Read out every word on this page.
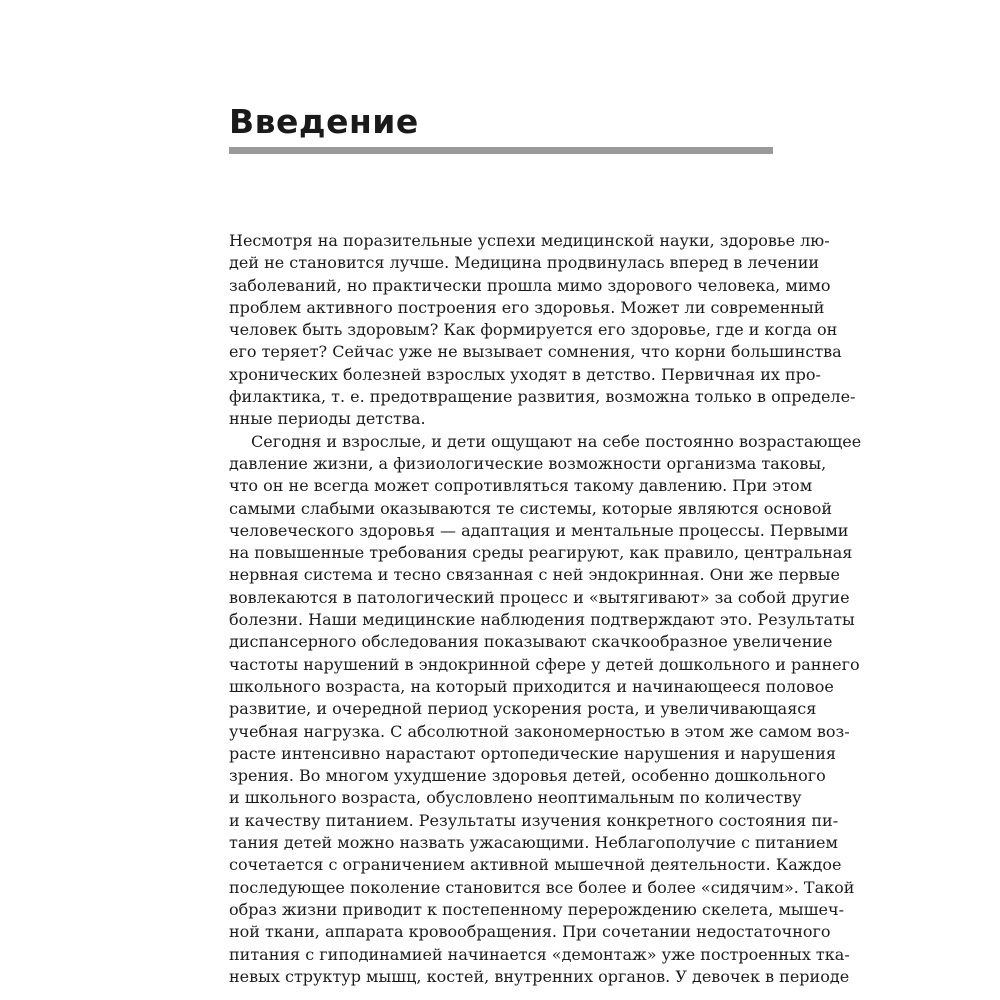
Введение

Несмотря на поразительные успехи медицинской науки, здоровье лю-
дей не становится лучше. Медицина продвинулась вперед в лечении
заболеваний, но практически прошла мимо здорового человека, мимо
проблем активного построения его здоровья. Может ли современный
человек быть здоровым? Как формируется его здоровье, где и когда он
его теряет? Сейчас уже не вызывает сомнения, что корни большинства
хронических болезней взрослых уходят в детство. Первичная их про-
филактика, т. е. предотвращение развития, возможна только в определе-
нные периоды детства.

Сегодня и взрослые, и дети ощущают на себе постоянно возрастающее
давление жизни, а физиологические возможности организма таковы,
что он не всегда может сопротивляться такому давлению. При этом
самыми слабыми оказываются те системы, которые являются основой
человеческого здоровья — адаптация и ментальные процессы. Первыми
на повышенные требования среды реагируют, как правило, центральная
нервная система и тесно связанная с ней эндокринная. Они же первые
вовлекаются в патологический процесс и «вытягивают» за собой другие
болезни. Наши медицинские наблюдения подтверждают это. Результаты
диспансерного обследования показывают скачкообразное увеличение
частоты нарушений в эндокринной сфере у детей дошкольного и раннего
школьного возраста, на который приходится и начинающееся половое
развитие, и очередной период ускорения роста, и увеличивающаяся
учебная нагрузка. С абсолютной закономерностью в этом же самом воз-
расте интенсивно нарастают ортопедические нарушения и нарушения
зрения. Во многом ухудшение здоровья детей, особенно дошкольного
и школьного возраста, обусловлено неоптимальным по количеству
и качеству питанием. Результаты изучения конкретного состояния пи-
тания детей можно назвать ужасающими. Неблагополучие с питанием
сочетается с ограничением активной мышечной деятельности. Каждое
последующее поколение становится все более и более «сидячим». Такой
образ жизни приводит к постепенному перерождению скелета, мышеч-
ной ткани, аппарата кровообращения. При сочетании недостаточного
питания с гиподинамией начинается «демонтаж» уже построенных тка-
невых структур мышц, костей, внутренних органов. У девочек в периоде
